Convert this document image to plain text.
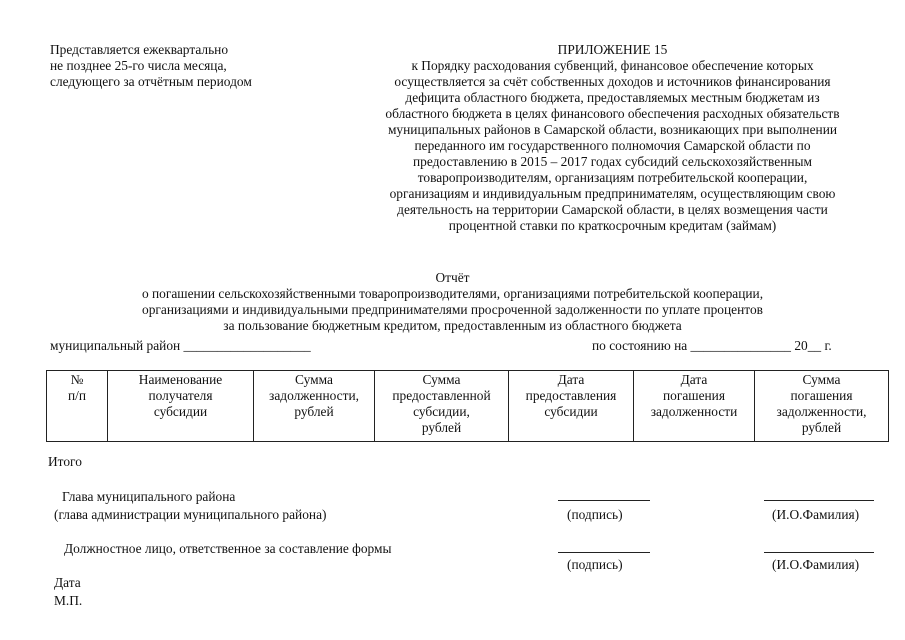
Представляется ежеквартально
не позднее 25-го числа месяца,
следующего за отчётным периодом
ПРИЛОЖЕНИЕ 15
к Порядку расходования субвенций, финансовое обеспечение которых
осуществляется за счёт собственных доходов и источников финансирования
дефицита областного бюджета, предоставляемых местным бюджетам из
областного бюджета в целях финансового обеспечения расходных обязательств
муниципальных районов в Самарской области, возникающих при выполнении
переданного им государственного полномочия Самарской области по
предоставлению в 2015 – 2017 годах субсидий сельскохозяйственным
товаропроизводителям, организациям потребительской кооперации,
организациям и индивидуальным предпринимателям, осуществляющим свою
деятельность на территории Самарской области, в целях возмещения части
процентной ставки по краткосрочным кредитам (займам)
Отчёт
о погашении сельскохозяйственными товаропроизводителями, организациями потребительской кооперации,
организациями и индивидуальными предпринимателями просроченной задолженности по уплате процентов
за пользование бюджетным кредитом, предоставленным из областного бюджета
муниципальный район ___________________	по состоянию на _______________ 20__ г.
№
п/п

Наименование
получателя
субсидии

Сумма
задолженности,
рублей

Сумма
предоставленной
субсидии,
рублей

Дата
предоставления
субсидии

Дата
погашения
задолженности

Сумма
погашения
задолженности,
рублей
Итого
Глава муниципального района
(глава администрации муниципального района)	(подпись)	(И.О.Фамилия)
Должностное лицо, ответственное за составление формы
(подпись)	(И.О.Фамилия)
Дата
М.П.
